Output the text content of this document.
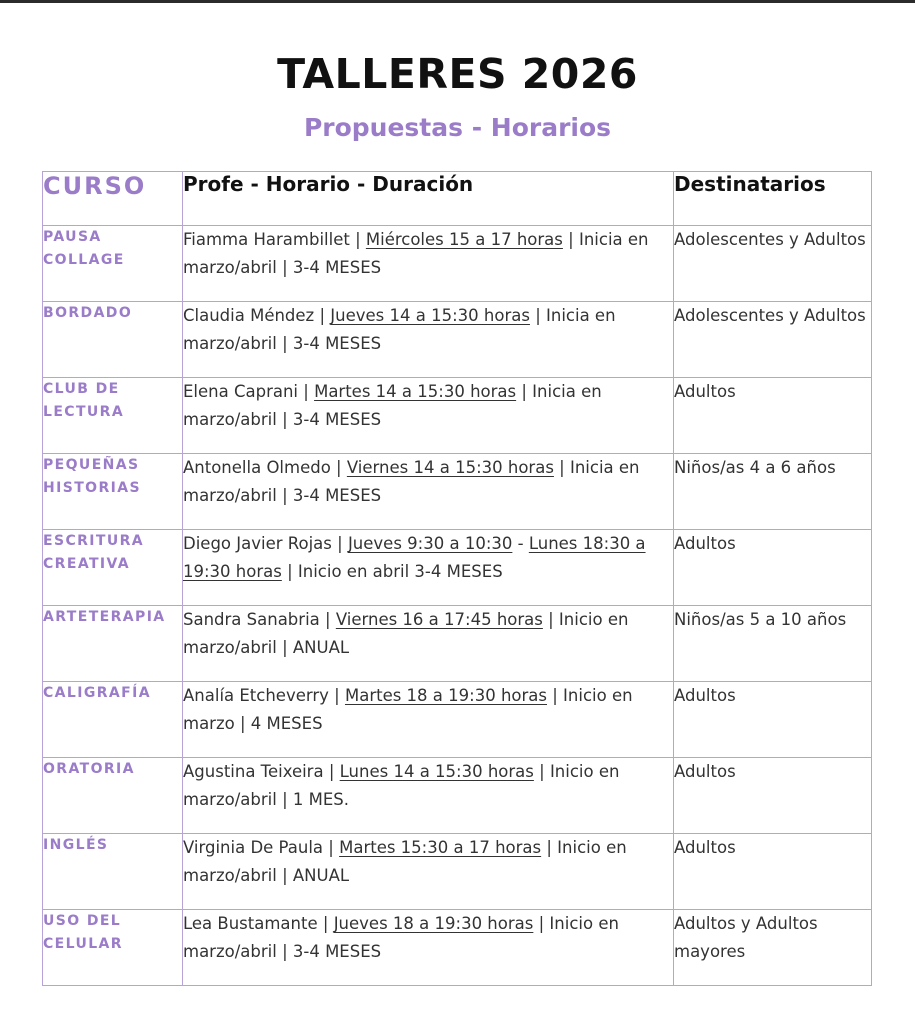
TALLERES 2026
Propuestas - Horarios
CURSO	Profe - Horario - Duración	Destinatarios
PAUSA COLLAGE	Fiamma Harambillet | Miércoles 15 a 17 horas | Inicia en marzo/abril | 3-4 MESES	Adolescentes y Adultos
BORDADO	Claudia Méndez | Jueves 14 a 15:30 horas | Inicia en marzo/abril | 3-4 MESES	Adolescentes y Adultos
CLUB DE LECTURA	Elena Caprani | Martes 14 a 15:30 horas | Inicia en marzo/abril | 3-4 MESES	Adultos
PEQUEÑAS HISTORIAS	Antonella Olmedo | Viernes 14 a 15:30 horas | Inicia en marzo/abril | 3-4 MESES	Niños/as 4 a 6 años
ESCRITURA CREATIVA	Diego Javier Rojas | Jueves 9:30 a 10:30 - Lunes 18:30 a 19:30 horas | Inicio en abril 3-4 MESES	Adultos
ARTETERAPIA	Sandra Sanabria | Viernes 16 a 17:45 horas | Inicio en marzo/abril | ANUAL	Niños/as 5 a 10 años
CALIGRAFÍA	Analía Etcheverry | Martes 18 a 19:30 horas | Inicio en marzo | 4 MESES	Adultos
ORATORIA	Agustina Teixeira | Lunes 14 a 15:30 horas | Inicio en marzo/abril | 1 MES.	Adultos
INGLÉS	Virginia De Paula | Martes 15:30 a 17 horas | Inicio en marzo/abril | ANUAL	Adultos
USO DEL CELULAR	Lea Bustamante | Jueves 18 a 19:30 horas | Inicio en marzo/abril | 3-4 MESES	Adultos y Adultos mayores
